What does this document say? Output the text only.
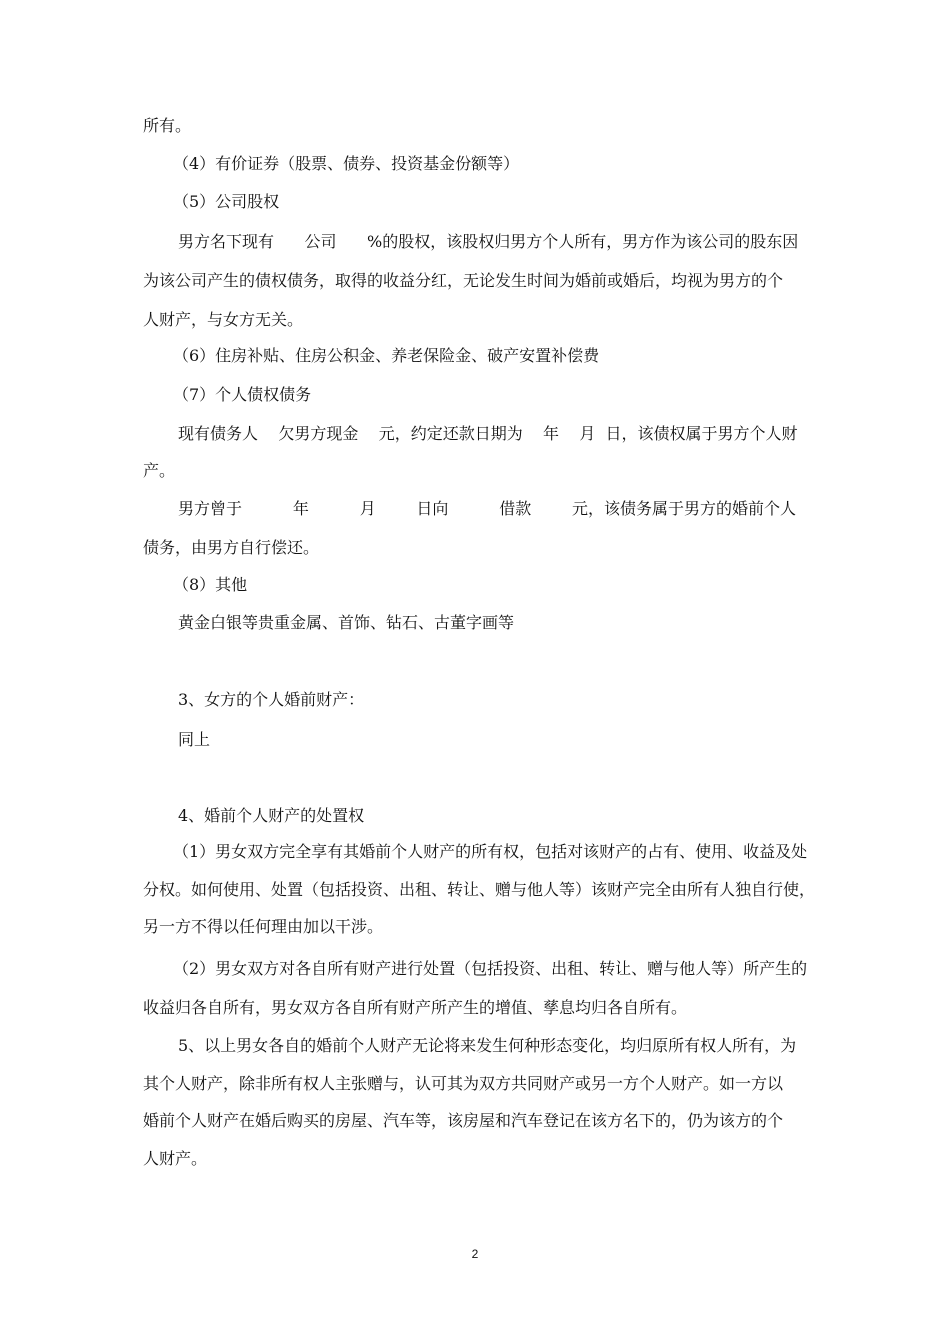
所有。

（4）有价证券（股票、债券、投资基金份额等）

（5）公司股权

男方名下现有      公司      %的股权，该股权归男方个人所有，男方作为该公司的股东因

为该公司产生的债权债务，取得的收益分红，无论发生时间为婚前或婚后，均视为男方的个

人财产，与女方无关。

（6）住房补贴、住房公积金、养老保险金、破产安置补偿费

（7）个人债权债务

现有债务人    欠男方现金    元，约定还款日期为    年    月  日，该债权属于男方个人财

产。

男方曾于          年          月        日向          借款        元，该债务属于男方的婚前个人

债务，由男方自行偿还。

（8）其他

黄金白银等贵重金属、首饰、钻石、古董字画等

3、女方的个人婚前财产：

同上

4、婚前个人财产的处置权

（1）男女双方完全享有其婚前个人财产的所有权，包括对该财产的占有、使用、收益及处

分权。如何使用、处置（包括投资、出租、转让、赠与他人等）该财产完全由所有人独自行使，

另一方不得以任何理由加以干涉。

（2）男女双方对各自所有财产进行处置（包括投资、出租、转让、赠与他人等）所产生的

收益归各自所有，男女双方各自所有财产所产生的增值、孳息均归各自所有。

5、以上男女各自的婚前个人财产无论将来发生何种形态变化，均归原所有权人所有，为

其个人财产，除非所有权人主张赠与，认可其为双方共同财产或另一方个人财产。如一方以

婚前个人财产在婚后购买的房屋、汽车等，该房屋和汽车登记在该方名下的，仍为该方的个

人财产。

2
